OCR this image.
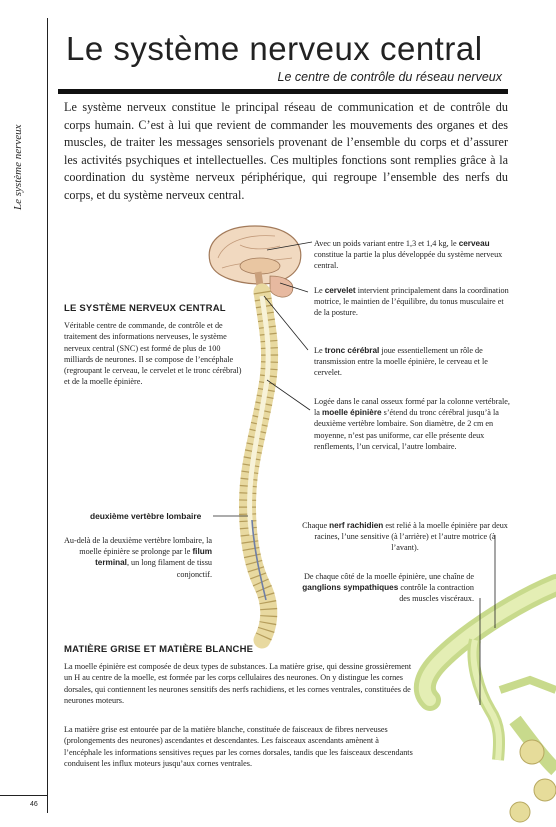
Le système nerveux
46
Le système nerveux central
Le centre de contrôle du réseau nerveux
Le système nerveux constitue le principal réseau de communication et de contrôle du corps humain. C’est à lui que revient de commander les mouvements des organes et des muscles, de traiter les messages sensoriels provenant de l’ensemble du corps et d’assurer les activités psychiques et intellectuelles. Ces multiples fonctions sont remplies grâce à la coordination du système nerveux périphérique, qui regroupe l’ensemble des nerfs du corps, et du système nerveux central.
LE SYSTÈME NERVEUX CENTRAL
Véritable centre de commande, de contrôle et de traitement des informations nerveuses, le système nerveux central (SNC) est formé de plus de 100 milliards de neurones. Il se compose de l’encéphale (regroupant le cerveau, le cervelet et le tronc cérébral) et de la moelle épinière.
Avec un poids variant entre 1,3 et 1,4 kg, le cerveau constitue la partie la plus développée du système nerveux central.
Le cervelet intervient principalement dans la coordination motrice, le maintien de l’équilibre, du tonus musculaire et de la posture.
Le tronc cérébral joue essentiellement un rôle de transmission entre la moelle épinière, le cerveau et le cervelet.
Logée dans le canal osseux formé par la colonne vertébrale, la moelle épinière s’étend du tronc cérébral jusqu’à la deuxième vertèbre lombaire. Son diamètre, de 2 cm en moyenne, n’est pas uniforme, car elle présente deux renflements, l’un cervical, l’autre lombaire.
deuxième vertèbre lombaire
Au-delà de la deuxième vertèbre lombaire, la moelle épinière se prolonge par le filum terminal, un long filament de tissu conjonctif.
Chaque nerf rachidien est relié à la moelle épinière par deux racines, l’une sensitive (à l’arrière) et l’autre motrice (à l’avant).
De chaque côté de la moelle épinière, une chaîne de ganglions sympathiques contrôle la contraction des muscles viscéraux.
MATIÈRE GRISE ET MATIÈRE BLANCHE
La moelle épinière est composée de deux types de substances. La matière grise, qui dessine grossièrement un H au centre de la moelle, est formée par les corps cellulaires des neurones. On y distingue les cornes dorsales, qui contiennent les neurones sensitifs des nerfs rachidiens, et les cornes ventrales, constituées de neurones moteurs.
La matière grise est entourée par de la matière blanche, constituée de faisceaux de fibres nerveuses (prolongements des neurones) ascendantes et descendantes. Les faisceaux ascendants amènent à l’encéphale les informations sensitives reçues par les cornes dorsales, tandis que les faisceaux descendants conduisent les influx moteurs jusqu’aux cornes ventrales.
